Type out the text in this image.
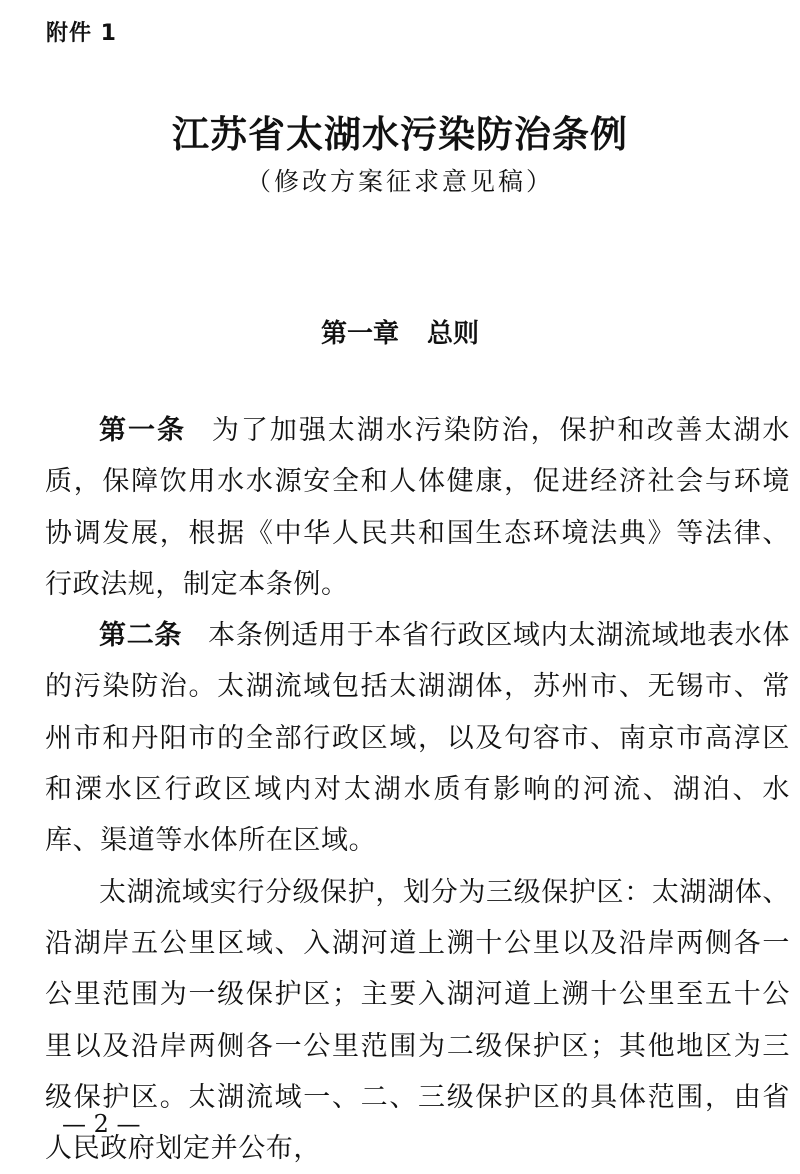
附件 1
江苏省太湖水污染防治条例
（修改方案征求意见稿）
第一章 总则

第一条 为了加强太湖水污染防治，保护和改善太湖水质，保障饮用水水源安全和人体健康，促进经济社会与环境协调发展，根据《中华人民共和国生态环境法典》等法律、行政法规，制定本条例。

第二条 本条例适用于本省行政区域内太湖流域地表水体的污染防治。太湖流域包括太湖湖体，苏州市、无锡市、常州市和丹阳市的全部行政区域，以及句容市、南京市高淳区和溧水区行政区域内对太湖水质有影响的河流、湖泊、水库、渠道等水体所在区域。

太湖流域实行分级保护，划分为三级保护区：太湖湖体、沿湖岸五公里区域、入湖河道上溯十公里以及沿岸两侧各一公里范围为一级保护区；主要入湖河道上溯十公里至五十公里以及沿岸两侧各一公里范围为二级保护区；其他地区为三级保护区。太湖流域一、二、三级保护区的具体范围，由省人民政府划定并公布，

— 2 —
